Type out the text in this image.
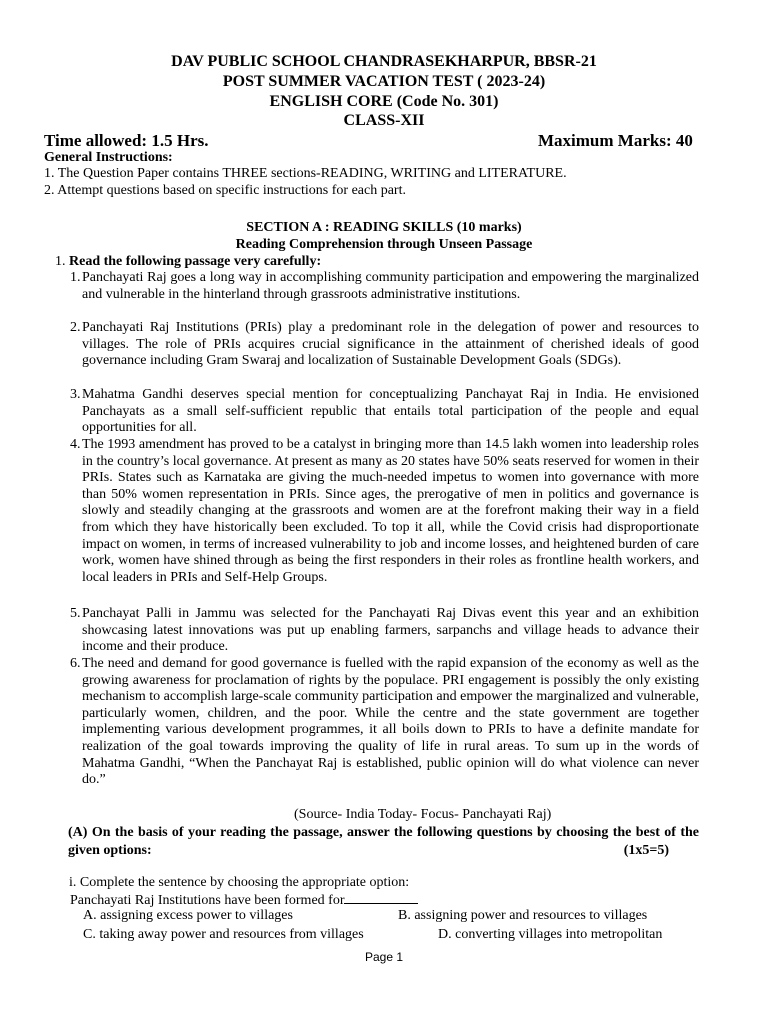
DAV PUBLIC SCHOOL CHANDRASEKHARPUR, BBSR-21
POST SUMMER VACATION TEST ( 2023-24)
ENGLISH CORE (Code No. 301)
CLASS-XII
Time allowed: 1.5 Hrs.	Maximum Marks: 40
General Instructions:
1. The Question Paper contains THREE sections-READING, WRITING and LITERATURE.
2. Attempt questions based on specific instructions for each part.
SECTION A : READING SKILLS (10 marks)
Reading Comprehension through Unseen Passage
1. Read the following passage very carefully:
1. Panchayati Raj goes a long way in accomplishing community participation and empowering the marginalized and vulnerable in the hinterland through grassroots administrative institutions.
2. Panchayati Raj Institutions (PRIs) play a predominant role in the delegation of power and resources to villages. The role of PRIs acquires crucial significance in the attainment of cherished ideals of good governance including Gram Swaraj and localization of Sustainable Development Goals (SDGs).
3. Mahatma Gandhi deserves special mention for conceptualizing Panchayat Raj in India. He envisioned Panchayats as a small self-sufficient republic that entails total participation of the people and equal opportunities for all.
4. The 1993 amendment has proved to be a catalyst in bringing more than 14.5 lakh women into leadership roles in the country’s local governance. At present as many as 20 states have 50% seats reserved for women in their PRIs. States such as Karnataka are giving the much-needed impetus to women into governance with more than 50% women representation in PRIs. Since ages, the prerogative of men in politics and governance is slowly and steadily changing at the grassroots and women are at the forefront making their way in a field from which they have historically been excluded. To top it all, while the Covid crisis had disproportionate impact on women, in terms of increased vulnerability to job and income losses, and heightened burden of care work, women have shined through as being the first responders in their roles as frontline health workers, and local leaders in PRIs and Self-Help Groups.
5. Panchayat Palli in Jammu was selected for the Panchayati Raj Divas event this year and an exhibition showcasing latest innovations was put up enabling farmers, sarpanchs and village heads to advance their income and their produce.
6. The need and demand for good governance is fuelled with the rapid expansion of the economy as well as the growing awareness for proclamation of rights by the populace. PRI engagement is possibly the only existing mechanism to accomplish large-scale community participation and empower the marginalized and vulnerable, particularly women, children, and the poor. While the centre and the state government are together implementing various development programmes, it all boils down to PRIs to have a definite mandate for realization of the goal towards improving the quality of life in rural areas. To sum up in the words of Mahatma Gandhi, “When the Panchayat Raj is established, public opinion will do what violence can never do.”
(Source- India Today- Focus- Panchayati Raj)
(A) On the basis of your reading the passage, answer the following questions by choosing the best of the given options:	(1x5=5)
i. Complete the sentence by choosing the appropriate option:
Panchayati Raj Institutions have been formed for
A. assigning excess power to villages	B. assigning power and resources to villages
C. taking away power and resources from villages	D. converting villages into metropolitan
Page 1
